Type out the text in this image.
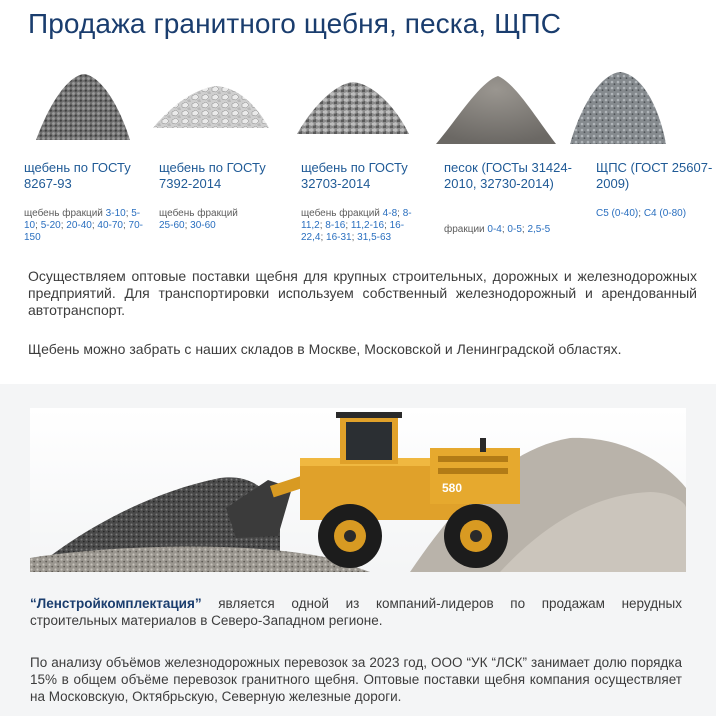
Продажа гранитного щебня, песка, ЩПС
щебень по ГОСТу 8267-93
щебень фракций 3-10; 5-10; 5-20; 20-40; 40-70; 70-150
щебень по ГОСТу 7392-2014
щебень фракций
25-60; 30-60
щебень по ГОСТу 32703-2014
щебень фракций 4-8; 8-11,2; 8-16; 11,2-16; 16-22,4; 16-31; 31,5-63
песок (ГОСТы 31424-2010, 32730-2014)
фракции 0-4; 0-5; 2,5-5
ЩПС (ГОСТ 25607-2009)
С5 (0-40); С4 (0-80)

Осуществляем оптовые поставки щебня для крупных строительных, дорожных и железнодорожных предприятий. Для транспортировки используем собственный железнодорожный и арендованный автотранспорт.

Щебень можно забрать с наших складов в Москве, Московской и Ленинградской областях.

580

“Ленстройкомплектация” является одной из компаний-лидеров по продажам нерудных строительных материалов в Северо-Западном регионе.

По анализу объёмов железнодорожных перевозок за 2023 год, ООО “УК “ЛСК” занимает долю порядка 15% в общем объёме перевозок гранитного щебня. Оптовые поставки щебня компания осуществляет на Московскую, Октябрьскую, Северную железные дороги.
